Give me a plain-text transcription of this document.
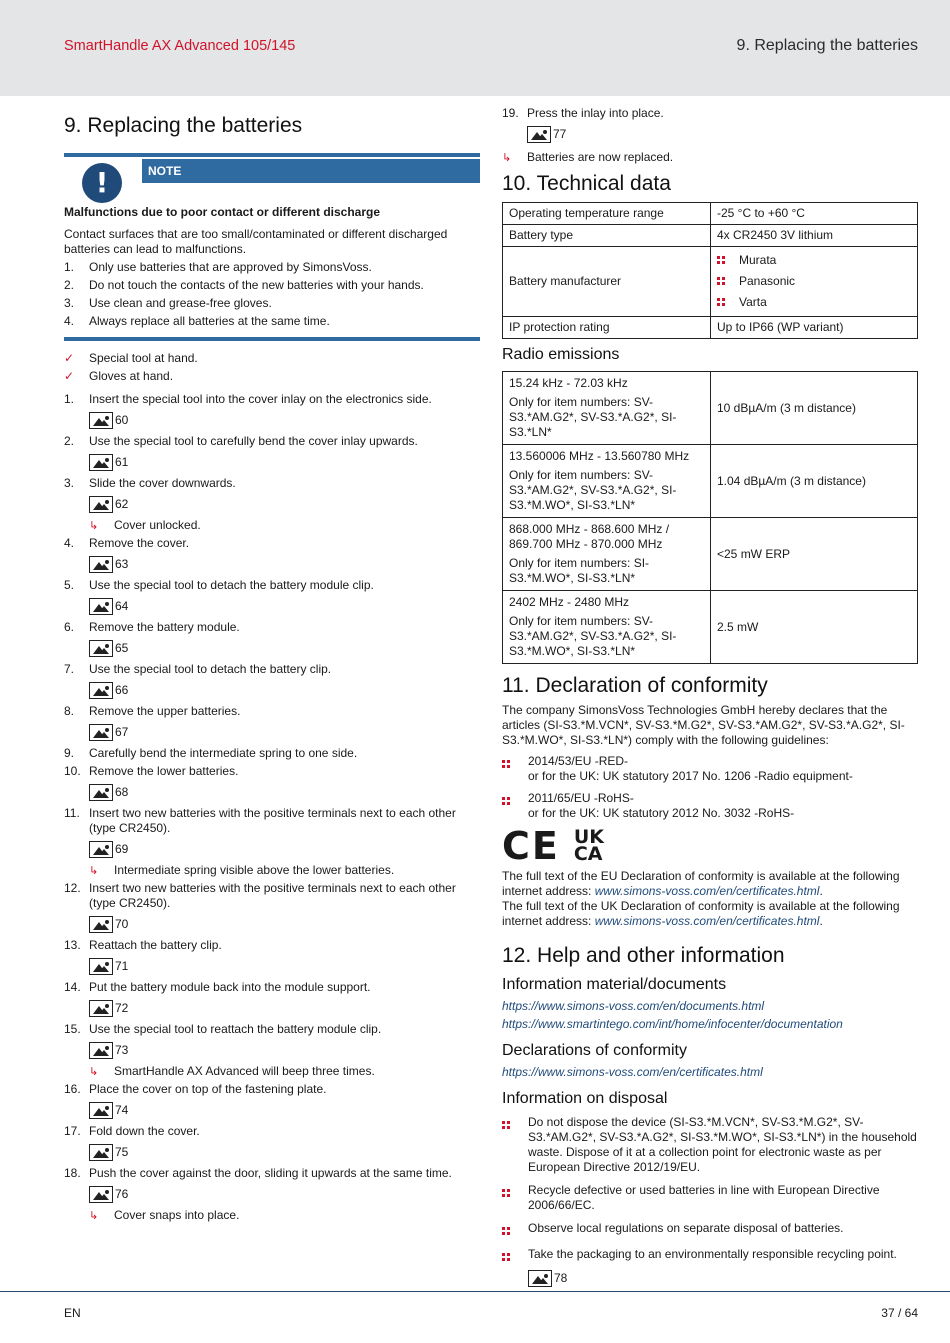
SmartHandle AX Advanced 105/145	9. Replacing the batteries
9. Replacing the batteries
!	NOTE
Malfunctions due to poor contact or different discharge
Contact surfaces that are too small/contaminated or different discharged batteries can lead to malfunctions.
1.	Only use batteries that are approved by SimonsVoss.
2.	Do not touch the contacts of the new batteries with your hands.
3.	Use clean and grease-free gloves.
4.	Always replace all batteries at the same time.
✓	Special tool at hand.
✓	Gloves at hand.
1.	Insert the special tool into the cover inlay on the electronics side.
60
2.	Use the special tool to carefully bend the cover inlay upwards.
61
3.	Slide the cover downwards.
62
↳	Cover unlocked.
4.	Remove the cover.
63
5.	Use the special tool to detach the battery module clip.
64
6.	Remove the battery module.
65
7.	Use the special tool to detach the battery clip.
66
8.	Remove the upper batteries.
67
9.	Carefully bend the intermediate spring to one side.
10. Remove the lower batteries.
68
11. Insert two new batteries with the positive terminals next to each other (type CR2450).
69
↳	Intermediate spring visible above the lower batteries.
12. Insert two new batteries with the positive terminals next to each other (type CR2450).
70
13. Reattach the battery clip.
71
14. Put the battery module back into the module support.
72
15. Use the special tool to reattach the battery module clip.
73
↳	SmartHandle AX Advanced will beep three times.
16. Place the cover on top of the fastening plate.
74
17. Fold down the cover.
75
18. Push the cover against the door, sliding it upwards at the same time.
76
↳	Cover snaps into place.
19. Press the inlay into place.
77
↳	Batteries are now replaced.
10. Technical data
Operating temperature range	-25 °C to +60 °C
Battery type	4x CR2450 3V lithium
Battery manufacturer	Murata
Panasonic
Varta

IP protection rating	Up to IP66 (WP variant)
Radio emissions
15.24 kHz - 72.03 kHz
Only for item numbers: SV-S3.*AM.G2*, SV-S3.*A.G2*, SI-S3.*LN*	10 dBµA/m (3 m distance)

13.560006 MHz - 13.560780 MHz
Only for item numbers: SV-S3.*AM.G2*, SV-S3.*A.G2*, SI-S3.*M.WO*, SI-S3.*LN*	1.04 dBµA/m (3 m distance)

868.000 MHz - 868.600 MHz / 869.700 MHz - 870.000 MHz
Only for item numbers: SI-S3.*M.WO*, SI-S3.*LN*	<25 mW ERP

2402 MHz - 2480 MHz
Only for item numbers: SV-S3.*AM.G2*, SV-S3.*A.G2*, SI-S3.*M.WO*, SI-S3.*LN*	2.5 mW
11. Declaration of conformity
The company SimonsVoss Technologies GmbH hereby declares that the articles (SI-S3.*M.VCN*, SV-S3.*M.G2*, SV-S3.*AM.G2*, SV-S3.*A.G2*, SI-S3.*M.WO*, SI-S3.*LN*) comply with the following guidelines:
2014/53/EU -RED-
or for the UK: UK statutory 2017 No. 1206 -Radio equipment-
2011/65/EU -RoHS-
or for the UK: UK statutory 2012 No. 3032 -RoHS-
CE UK
CA
The full text of the EU Declaration of conformity is available at the following internet address: www.simons-voss.com/en/certificates.html.
The full text of the UK Declaration of conformity is available at the following internet address: www.simons-voss.com/en/certificates.html.
12. Help and other information
Information material/documents
https://www.simons-voss.com/en/documents.html
https://www.smartintego.com/int/home/infocenter/documentation
Declarations of conformity
https://www.simons-voss.com/en/certificates.html
Information on disposal
Do not dispose the device (SI-S3.*M.VCN*, SV-S3.*M.G2*, SV-S3.*AM.G2*, SV-S3.*A.G2*, SI-S3.*M.WO*, SI-S3.*LN*) in the household waste. Dispose of it at a collection point for electronic waste as per European Directive 2012/19/EU.
Recycle defective or used batteries in line with European Directive 2006/66/EC.
Observe local regulations on separate disposal of batteries.
Take the packaging to an environmentally responsible recycling point.
78
EN	37 / 64
